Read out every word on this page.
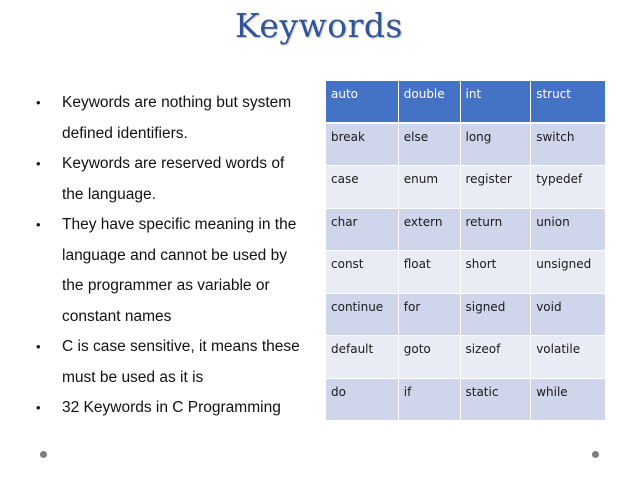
Keywords
• Keywords are nothing but system
defined identifiers.
• Keywords are reserved words of
the language.
• They have specific meaning in the
language and cannot be used by
the programmer as variable or
constant names
• C is case sensitive, it means these
must be used as it is
• 32 Keywords in C Programming
auto	double	int	struct
break	else	long	switch
case	enum	register	typedef
char	extern	return	union
const	float	short	unsigned
continue	for	signed	void
default	goto	sizeof	volatile
do	if	static	while
